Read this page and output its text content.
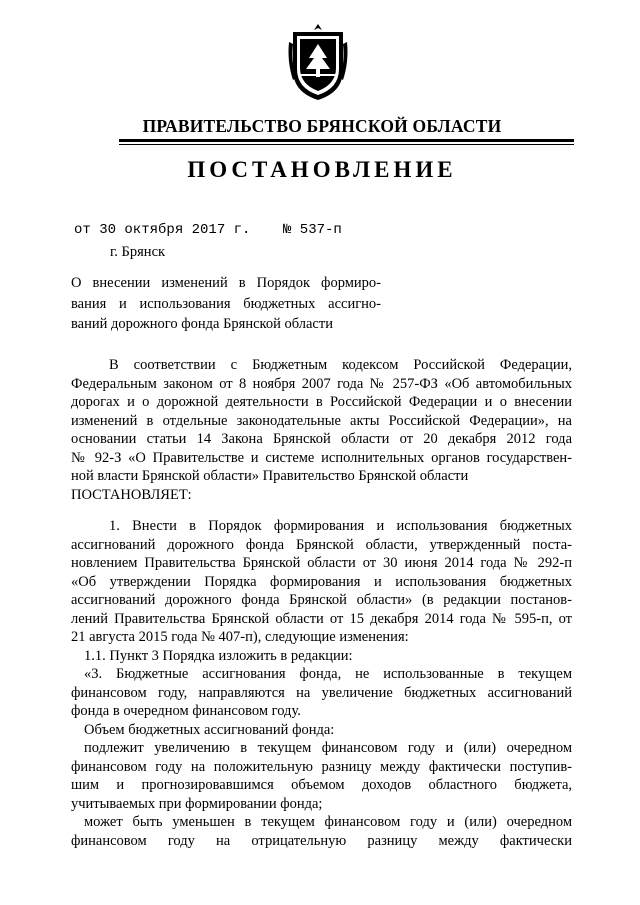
ПРАВИТЕЛЬСТВО БРЯНСКОЙ ОБЛАСТИ
ПОСТАНОВЛЕНИЕ
от 30 октября 2017 г. № 537-п
г. Брянск
О внесении изменений в Порядок формиро-
вания и использования бюджетных ассигно-
ваний дорожного фонда Брянской области
В соответствии с Бюджетным кодексом Российской Федерации,
Федеральным законом от 8 ноября 2007 года № 257-ФЗ «Об автомобильных
дорогах и о дорожной деятельности в Российской Федерации и о внесении
изменений в отдельные законодательные акты Российской Федерации», на
основании статьи 14 Закона Брянской области от 20 декабря 2012 года
№ 92-З «О Правительстве и системе исполнительных органов государствен-
ной власти Брянской области» Правительство Брянской области
ПОСТАНОВЛЯЕТ:
1. Внести в Порядок формирования и использования бюджетных
ассигнований дорожного фонда Брянской области, утвержденный поста-
новлением Правительства Брянской области от 30 июня 2014 года № 292-п
«Об утверждении Порядка формирования и использования бюджетных
ассигнований дорожного фонда Брянской области» (в редакции постанов-
лений Правительства Брянской области от 15 декабря 2014 года № 595-п, от
21 августа 2015 года № 407-п), следующие изменения:
1.1. Пункт 3 Порядка изложить в редакции:
«3. Бюджетные ассигнования фонда, не использованные в текущем
финансовом году, направляются на увеличение бюджетных ассигнований
фонда в очередном финансовом году.
Объем бюджетных ассигнований фонда:
подлежит увеличению в текущем финансовом году и (или) очередном
финансовом году на положительную разницу между фактически поступив-
шим и прогнозировавшимся объемом доходов областного бюджета,
учитываемых при формировании фонда;
может быть уменьшен в текущем финансовом году и (или) очередном
финансовом году на отрицательную разницу между фактически
